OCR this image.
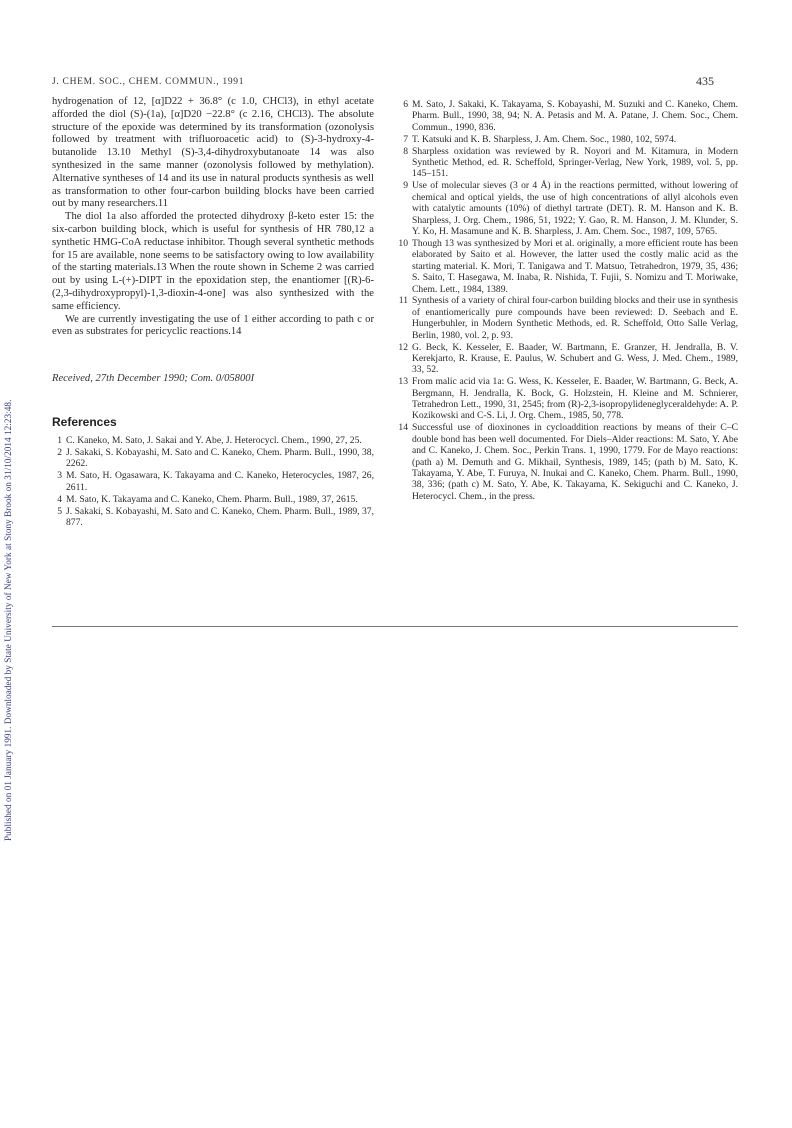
Published on 01 January 1991. Downloaded by State University of New York at Stony Brook on 31/10/2014 12:23:48.
J. CHEM. SOC., CHEM. COMMUN., 1991	435

hydrogenation of 12, [α]D22 + 36.8° (c 1.0, CHCl3), in ethyl acetate afforded the diol (S)-(1a), [α]D20 −22.8° (c 2.16, CHCl3). The absolute structure of the epoxide was determined by its transformation (ozonolysis followed by treatment with trifluoroacetic acid) to (S)-3-hydroxy-4-butanolide 13.10 Methyl (S)-3,4-dihydroxybutanoate 14 was also synthesized in the same manner (ozonolysis followed by methylation). Alternative syntheses of 14 and its use in natural products synthesis as well as transformation to other four-carbon building blocks have been carried out by many researchers.11

The diol 1a also afforded the protected dihydroxy β-keto ester 15: the six-carbon building block, which is useful for synthesis of HR 780,12 a synthetic HMG-CoA reductase inhibitor. Though several synthetic methods for 15 are available, none seems to be satisfactory owing to low availability of the starting materials.13 When the route shown in Scheme 2 was carried out by using L-(+)-DIPT in the epoxidation step, the enantiomer [(R)-6-(2,3-dihydroxypropyl)-1,3-dioxin-4-one] was also synthesized with the same efficiency.

We are currently investigating the use of 1 either according to path c or even as substrates for pericyclic reactions.14

Received, 27th December 1990; Com. 0/05800I

References
1 C. Kaneko, M. Sato, J. Sakai and Y. Abe, J. Heterocycl. Chem., 1990, 27, 25.
2 J. Sakaki, S. Kobayashi, M. Sato and C. Kaneko, Chem. Pharm. Bull., 1990, 38, 2262.
3 M. Sato, H. Ogasawara, K. Takayama and C. Kaneko, Heterocycles, 1987, 26, 2611.
4 M. Sato, K. Takayama and C. Kaneko, Chem. Pharm. Bull., 1989, 37, 2615.
5 J. Sakaki, S. Kobayashi, M. Sato and C. Kaneko, Chem. Pharm. Bull., 1989, 37, 877.
6 M. Sato, J. Sakaki, K. Takayama, S. Kobayashi, M. Suzuki and C. Kaneko, Chem. Pharm. Bull., 1990, 38, 94; N. A. Petasis and M. A. Patane, J. Chem. Soc., Chem. Commun., 1990, 836.
7 T. Katsuki and K. B. Sharpless, J. Am. Chem. Soc., 1980, 102, 5974.
8 Sharpless oxidation was reviewed by R. Noyori and M. Kitamura, in Modern Synthetic Method, ed. R. Scheffold, Springer-Verlag, New York, 1989, vol. 5, pp. 145–151.
9 Use of molecular sieves (3 or 4 Å) in the reactions permitted, without lowering of chemical and optical yields, the use of high concentrations of allyl alcohols even with catalytic amounts (10%) of diethyl tartrate (DET). R. M. Hanson and K. B. Sharpless, J. Org. Chem., 1986, 51, 1922; Y. Gao, R. M. Hanson, J. M. Klunder, S. Y. Ko, H. Masamune and K. B. Sharpless, J. Am. Chem. Soc., 1987, 109, 5765.
10 Though 13 was synthesized by Mori et al. originally, a more efficient route has been elaborated by Saito et al. However, the latter used the costly malic acid as the starting material. K. Mori, T. Tanigawa and T. Matsuo, Tetrahedron, 1979, 35, 436; S. Saito, T. Hasegawa, M. Inaba, R. Nishida, T. Fujii, S. Nomizu and T. Moriwake, Chem. Lett., 1984, 1389.
11 Synthesis of a variety of chiral four-carbon building blocks and their use in synthesis of enantiomerically pure compounds have been reviewed: D. Seebach and E. Hungerbuhler, in Modern Synthetic Methods, ed. R. Scheffold, Otto Salle Verlag, Berlin, 1980, vol. 2, p. 93.
12 G. Beck, K. Kesseler, E. Baader, W. Bartmann, E. Granzer, H. Jendralla, B. V. Kerekjarto, R. Krause, E. Paulus, W. Schubert and G. Wess, J. Med. Chem., 1989, 33, 52.
13 From malic acid via 1a: G. Wess, K. Kesseler, E. Baader, W. Bartmann, G. Beck, A. Bergmann, H. Jendralla, K. Bock, G. Holzstein, H. Kleine and M. Schnierer, Tetrahedron Lett., 1990, 31, 2545; from (R)-2,3-isopropylideneglyceraldehyde: A. P. Kozikowski and C-S. Li, J. Org. Chem., 1985, 50, 778.
14 Successful use of dioxinones in cycloaddition reactions by means of their C–C double bond has been well documented. For Diels–Alder reactions: M. Sato, Y. Abe and C. Kaneko, J. Chem. Soc., Perkin Trans. 1, 1990, 1779. For de Mayo reactions: (path a) M. Demuth and G. Mikhail, Synthesis, 1989, 145; (path b) M. Sato, K. Takayama, Y. Abe, T. Furuya, N. Inukai and C. Kaneko, Chem. Pharm. Bull., 1990, 38, 336; (path c) M. Sato, Y. Abe, K. Takayama, K. Sekiguchi and C. Kaneko, J. Heterocycl. Chem., in the press.
